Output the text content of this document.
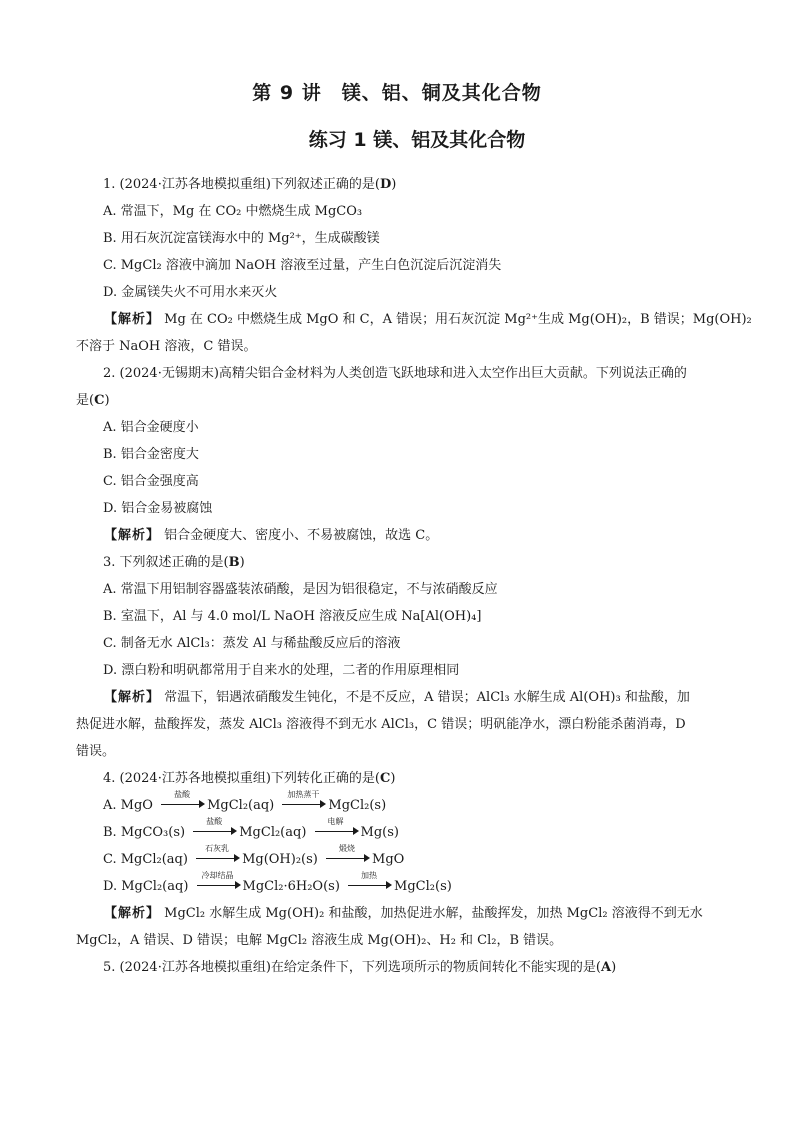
第 9 讲　镁、铝、铜及其化合物
练习 1 镁、铝及其化合物
1. (2024·江苏各地模拟重组)下列叙述正确的是(D)
A. 常温下，Mg 在 CO₂ 中燃烧生成 MgCO₃
B. 用石灰沉淀富镁海水中的 Mg²⁺，生成碳酸镁
C. MgCl₂ 溶液中滴加 NaOH 溶液至过量，产生白色沉淀后沉淀消失
D. 金属镁失火不可用水来灭火
【解析】 Mg 在 CO₂ 中燃烧生成 MgO 和 C，A 错误；用石灰沉淀 Mg²⁺生成 Mg(OH)₂，B 错误；Mg(OH)₂
不溶于 NaOH 溶液，C 错误。
2. (2024·无锡期末)高精尖铝合金材料为人类创造飞跃地球和进入太空作出巨大贡献。下列说法正确的
是(C)
A. 铝合金硬度小
B. 铝合金密度大
C. 铝合金强度高
D. 铝合金易被腐蚀
【解析】 铝合金硬度大、密度小、不易被腐蚀，故选 C。
3. 下列叙述正确的是(B)
A. 常温下用铝制容器盛装浓硝酸，是因为铝很稳定，不与浓硝酸反应
B. 室温下，Al 与 4.0 mol/L NaOH 溶液反应生成 Na[Al(OH)₄]
C. 制备无水 AlCl₃：蒸发 Al 与稀盐酸反应后的溶液
D. 漂白粉和明矾都常用于自来水的处理，二者的作用原理相同
【解析】 常温下，铝遇浓硝酸发生钝化，不是不反应，A 错误；AlCl₃ 水解生成 Al(OH)₃ 和盐酸，加
热促进水解，盐酸挥发，蒸发 AlCl₃ 溶液得不到无水 AlCl₃，C 错误；明矾能净水，漂白粉能杀菌消毒，D
错误。
4. (2024·江苏各地模拟重组)下列转化正确的是(C)
A. MgO
盐酸
MgCl₂(aq)
加热蒸干
MgCl₂(s)
B. MgCO₃(s)
盐酸
MgCl₂(aq)
电解
Mg(s)
C. MgCl₂(aq)
石灰乳
Mg(OH)₂(s)
煅烧
MgO
D. MgCl₂(aq)
冷却结晶
MgCl₂·6H₂O(s)
加热
MgCl₂(s)
【解析】 MgCl₂ 水解生成 Mg(OH)₂ 和盐酸，加热促进水解，盐酸挥发，加热 MgCl₂ 溶液得不到无水
MgCl₂，A 错误、D 错误；电解 MgCl₂ 溶液生成 Mg(OH)₂、H₂ 和 Cl₂，B 错误。
5. (2024·江苏各地模拟重组)在给定条件下，下列选项所示的物质间转化不能实现的是(A)
